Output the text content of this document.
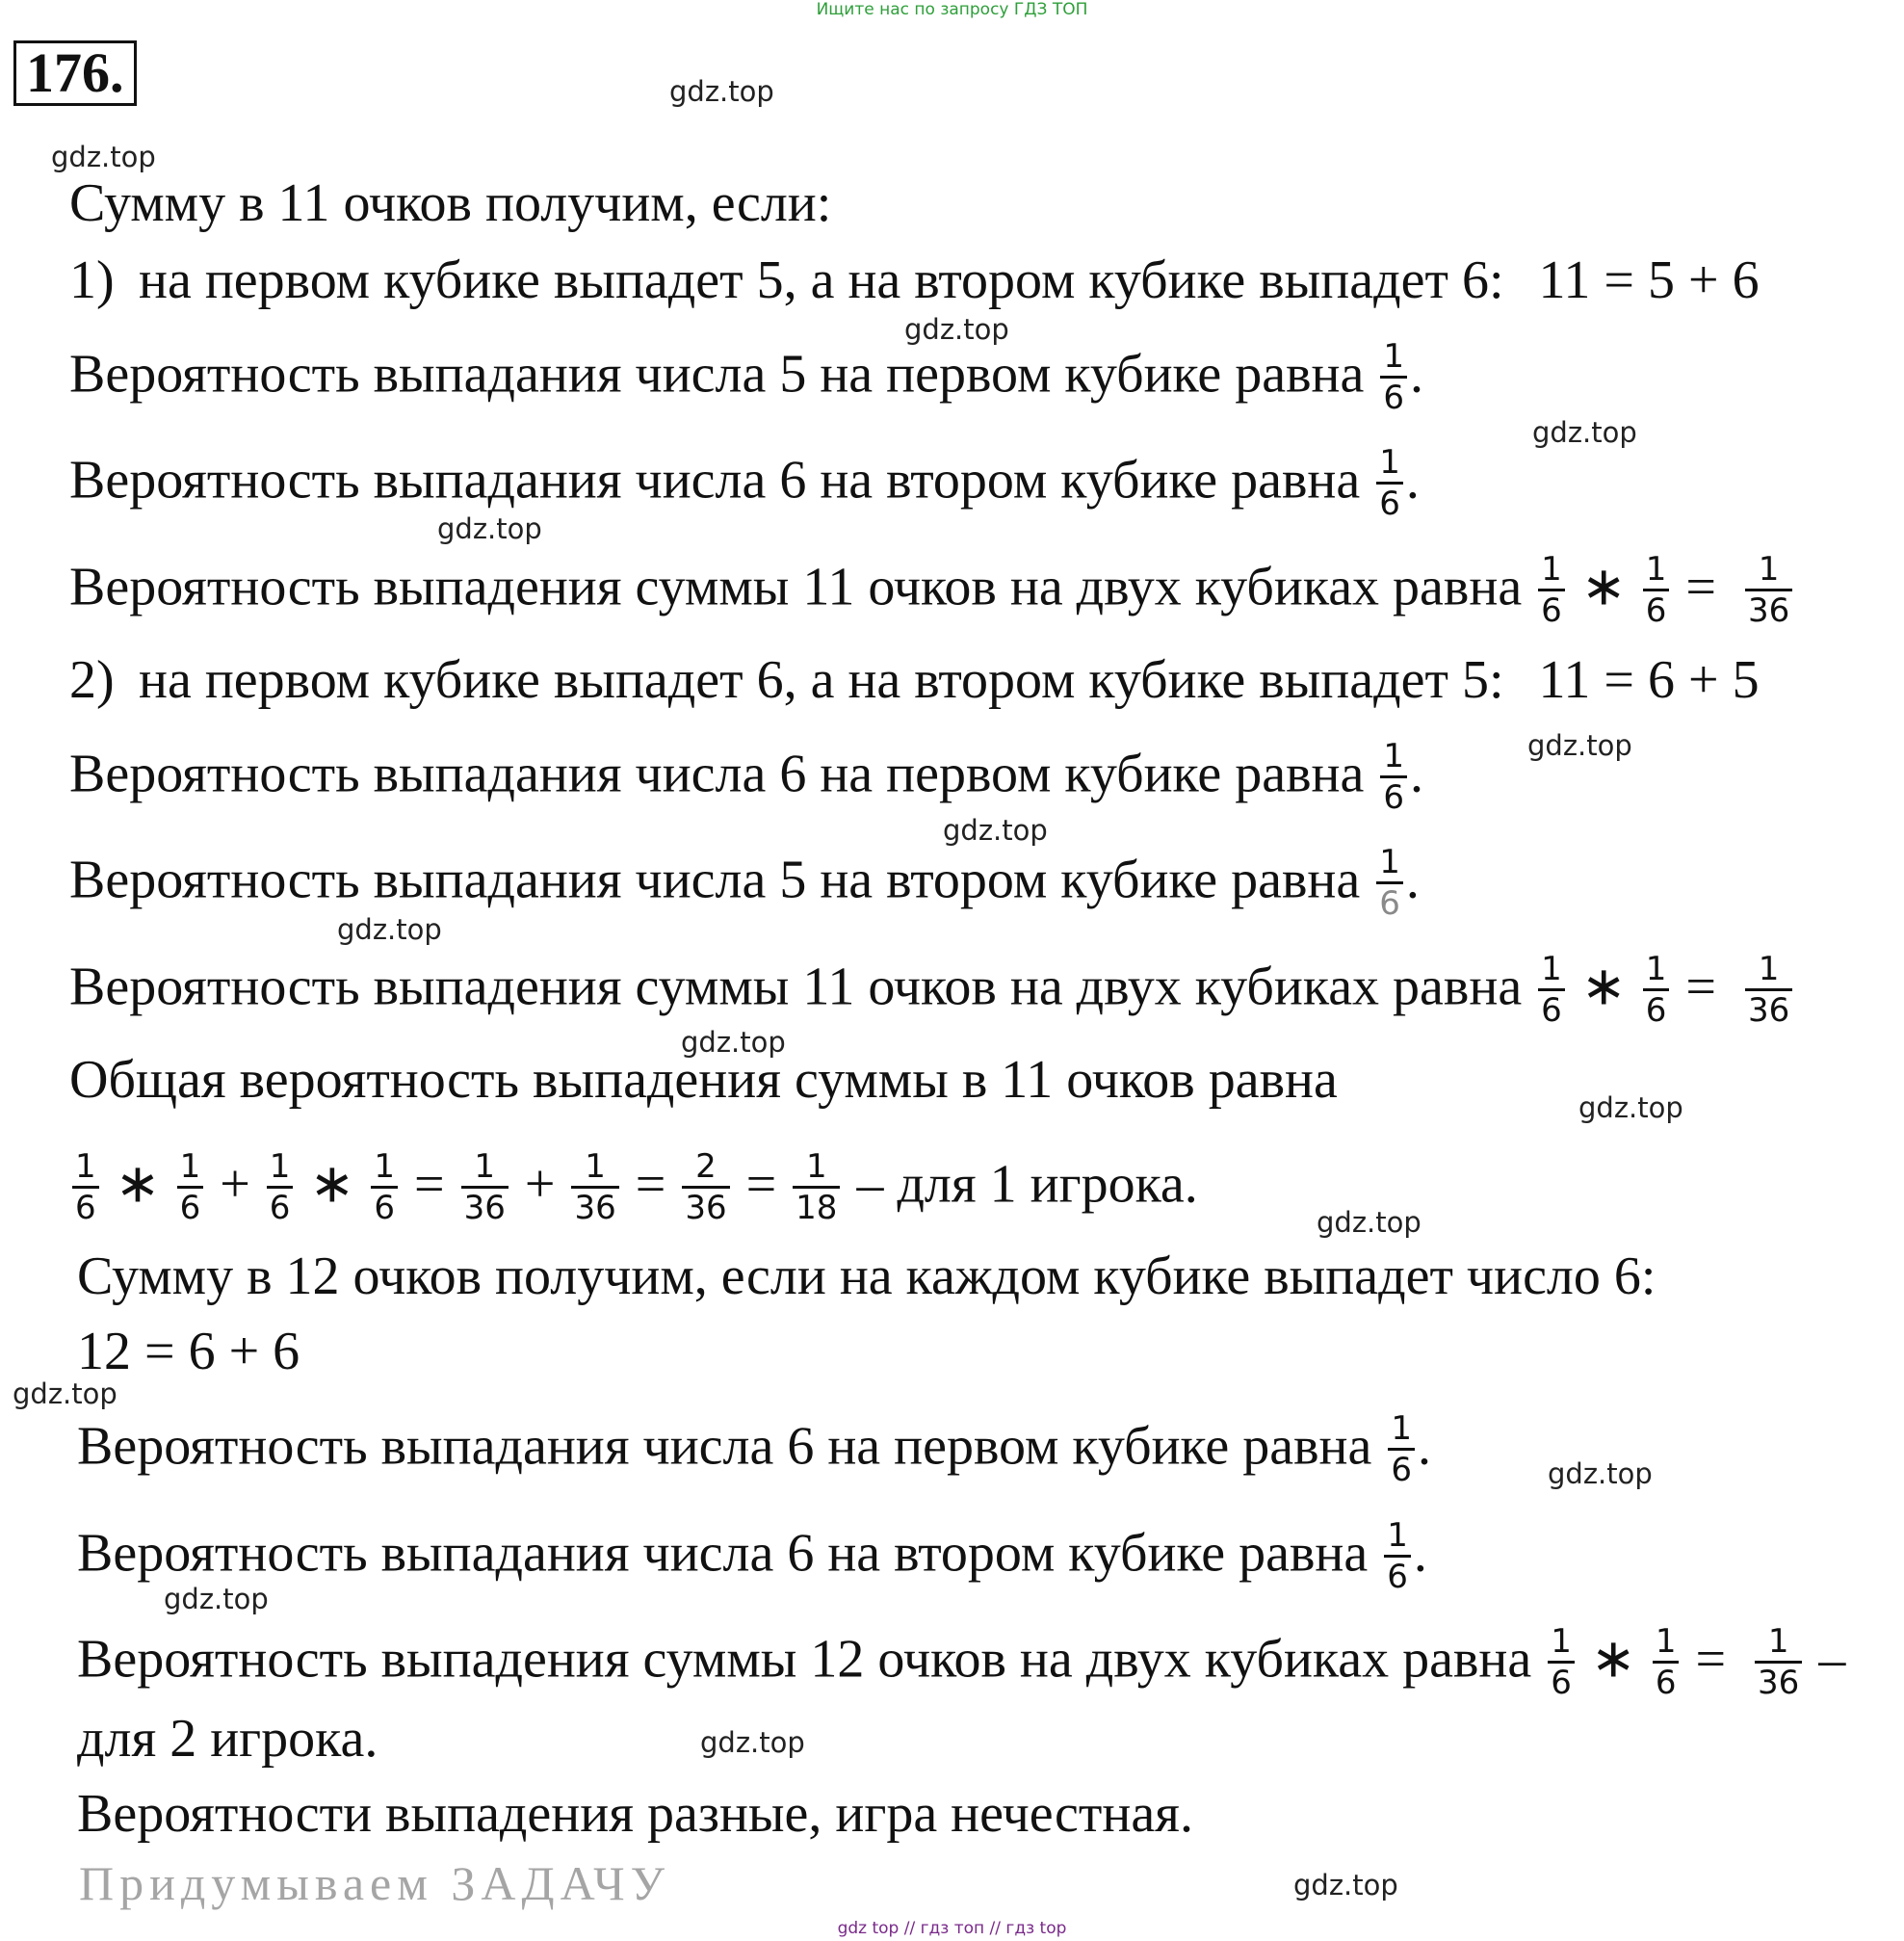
Ищите нас по запросу ГДЗ ТОП
gdz top // гдз топ // гдз top
176.	gdz.top
gdz.top
gdz.top
gdz.top
gdz.top
gdz.top
gdz.top
gdz.top
gdz.top
gdz.top
gdz.top
gdz.top
gdz.top
gdz.top
gdz.top
gdz.top
Сумму в 11 очков получим, если:
1) на первом кубике выпадет 5, а на втором кубике выпадет 6: 11 = 5 + 6
Вероятность выпадания числа 5 на первом кубике равна $\frac{1}{6}$ .
Вероятность выпадания числа 6 на втором кубике равна $\frac{1}{6}$ .
Вероятность выпадения суммы 11 очков на двух кубиках равна $\frac{1}{6}$ ∗ $\frac{1}{6} = \frac{1}{36}$
2) на первом кубике выпадет 6, а на втором кубике выпадет 5: 11 = 6 + 5
Вероятность выпадания числа 6 на первом кубике равна $\frac{1}{6}$ .
Вероятность выпадания числа 5 на втором кубике равна $\frac{1}{6}$ .
Вероятность выпадения суммы 11 очков на двух кубиках равна $\frac{1}{6}$ ∗ $\frac{1}{6} = \frac{1}{36}$
Общая вероятность выпадения суммы в 11 очков равна
$\frac{1}{6}$ ∗ $\frac{1}{6} + \frac{1}{6}$ ∗ $\frac{1}{6} = \frac{1}{36} + \frac{1}{36} = \frac{2}{36} = \frac{1}{18}$ – для 1 игрока.
Сумму в 12 очков получим, если на каждом кубике выпадет число 6:
12 = 6 + 6
Вероятность выпадания числа 6 на первом кубике равна $\frac{1}{6}$ .
Вероятность выпадания числа 6 на втором кубике равна $\frac{1}{6}$ .
Вероятность выпадения суммы 12 очков на двух кубиках равна $\frac{1}{6}$ ∗ $\frac{1}{6} = \frac{1}{36}$ –
для 2 игрока.
Вероятности выпадения разные, игра нечестная.
Придумываем ЗАДАЧУ
